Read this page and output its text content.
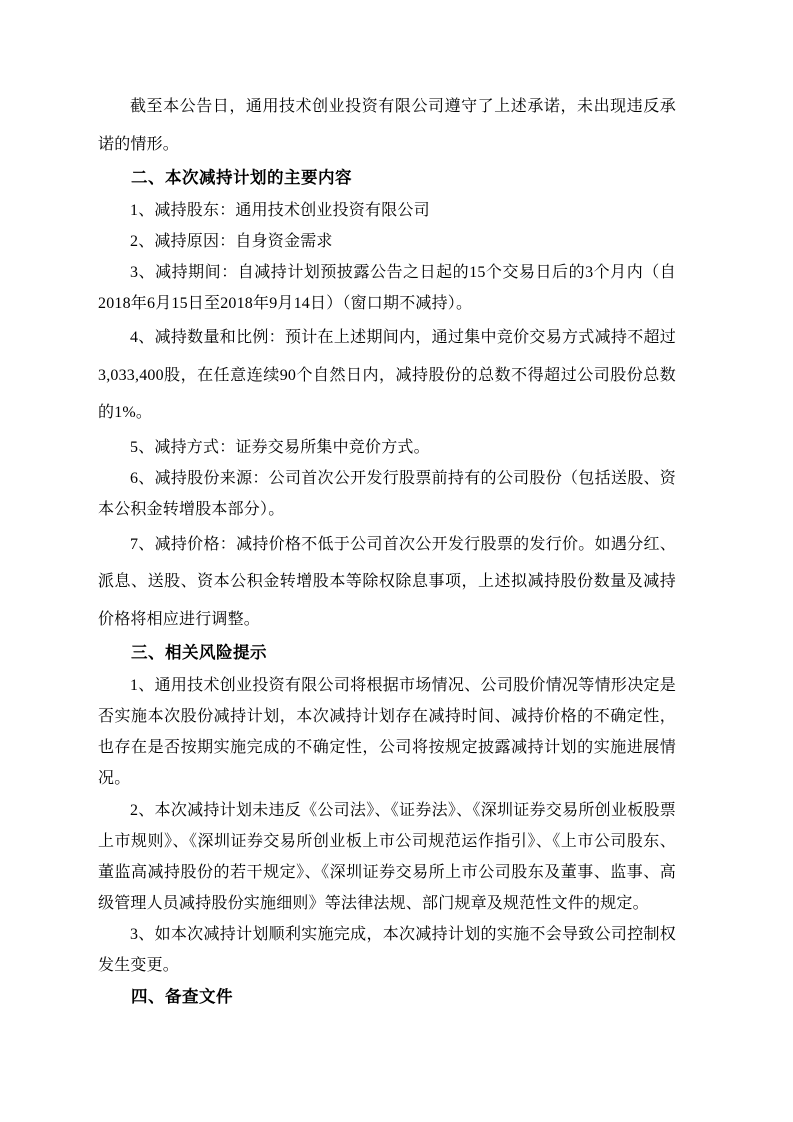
截至本公告日，通用技术创业投资有限公司遵守了上述承诺，未出现违反承诺的情形。

二、本次减持计划的主要内容

1、减持股东：通用技术创业投资有限公司

2、减持原因：自身资金需求

3、减持期间：自减持计划预披露公告之日起的15个交易日后的3个月内（自2018年6月15日至2018年9月14日）（窗口期不减持）。

4、减持数量和比例：预计在上述期间内，通过集中竞价交易方式减持不超过3,033,400股，在任意连续90个自然日内，减持股份的总数不得超过公司股份总数的1%。

5、减持方式：证券交易所集中竞价方式。

6、减持股份来源：公司首次公开发行股票前持有的公司股份（包括送股、资本公积金转增股本部分）。

7、减持价格：减持价格不低于公司首次公开发行股票的发行价。如遇分红、派息、送股、资本公积金转增股本等除权除息事项，上述拟减持股份数量及减持价格将相应进行调整。

三、相关风险提示

1、通用技术创业投资有限公司将根据市场情况、公司股价情况等情形决定是否实施本次股份减持计划，本次减持计划存在减持时间、减持价格的不确定性，也存在是否按期实施完成的不确定性，公司将按规定披露减持计划的实施进展情况。

2、本次减持计划未违反《公司法》、《证券法》、《深圳证券交易所创业板股票上市规则》、《深圳证券交易所创业板上市公司规范运作指引》、《上市公司股东、董监高减持股份的若干规定》、《深圳证券交易所上市公司股东及董事、监事、高级管理人员减持股份实施细则》等法律法规、部门规章及规范性文件的规定。

3、如本次减持计划顺利实施完成，本次减持计划的实施不会导致公司控制权发生变更。

四、备查文件
